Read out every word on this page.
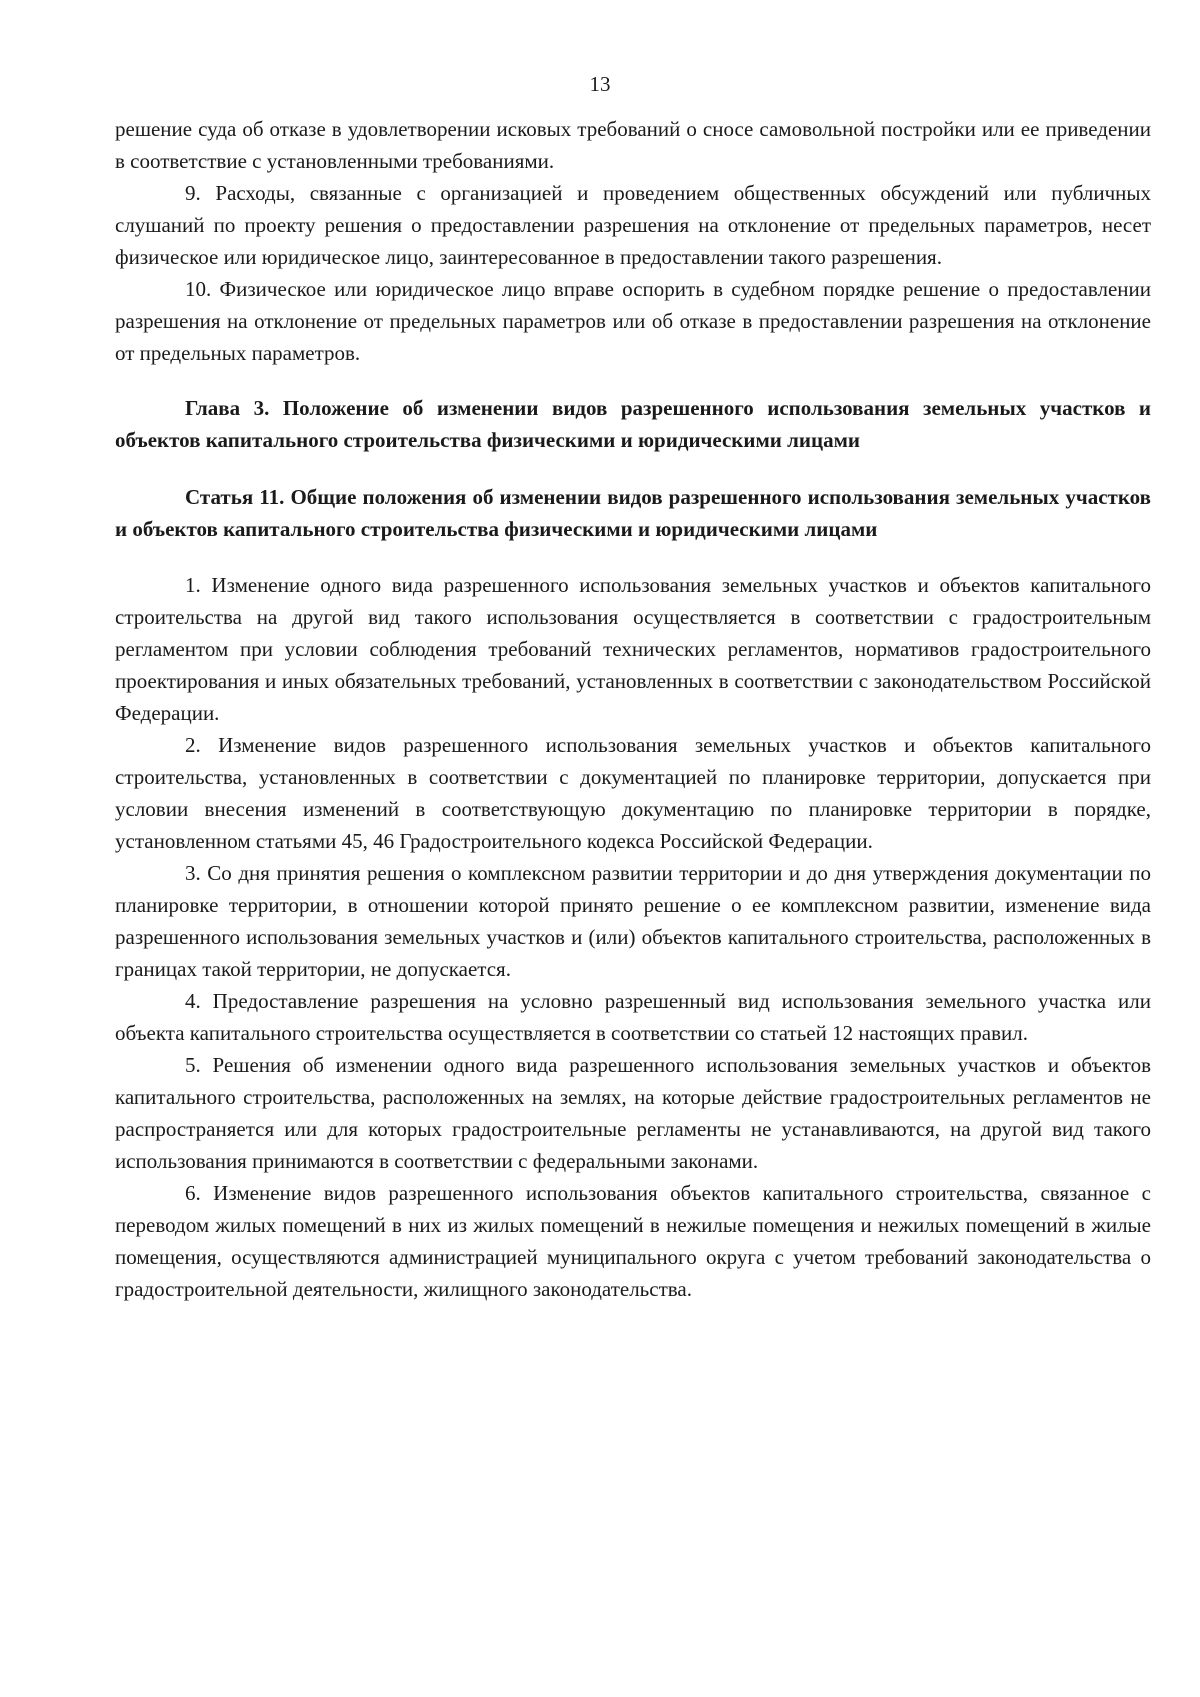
13

решение суда об отказе в удовлетворении исковых требований о сносе самовольной постройки или ее приведении в соответствие с установленными требованиями.

9. Расходы, связанные с организацией и проведением общественных обсуждений или публичных слушаний по проекту решения о предоставлении разрешения на отклонение от предельных параметров, несет физическое или юридическое лицо, заинтересованное в предоставлении такого разрешения.

10. Физическое или юридическое лицо вправе оспорить в судебном порядке решение о предоставлении разрешения на отклонение от предельных параметров или об отказе в предоставлении разрешения на отклонение от предельных параметров.

Глава 3. Положение об изменении видов разрешенного использования земельных участков и объектов капитального строительства физическими и юридическими лицами

Статья 11. Общие положения об изменении видов разрешенного использования земельных участков и объектов капитального строительства физическими и юридическими лицами

1. Изменение одного вида разрешенного использования земельных участков и объектов капитального строительства на другой вид такого использования осуществляется в соответствии с градостроительным регламентом при условии соблюдения требований технических регламентов, нормативов градостроительного проектирования и иных обязательных требований, установленных в соответствии с законодательством Российской Федерации.

2. Изменение видов разрешенного использования земельных участков и объектов капитального строительства, установленных в соответствии с документацией по планировке территории, допускается при условии внесения изменений в соответствующую документацию по планировке территории в порядке, установленном статьями 45, 46 Градостроительного кодекса Российской Федерации.

3. Со дня принятия решения о комплексном развитии территории и до дня утверждения документации по планировке территории, в отношении которой принято решение о ее комплексном развитии, изменение вида разрешенного использования земельных участков и (или) объектов капитального строительства, расположенных в границах такой территории, не допускается.

4. Предоставление разрешения на условно разрешенный вид использования земельного участка или объекта капитального строительства осуществляется в соответствии со статьей 12 настоящих правил.

5. Решения об изменении одного вида разрешенного использования земельных участков и объектов капитального строительства, расположенных на землях, на которые действие градостроительных регламентов не распространяется или для которых градостроительные регламенты не устанавливаются, на другой вид такого использования принимаются в соответствии с федеральными законами.

6. Изменение видов разрешенного использования объектов капитального строительства, связанное с переводом жилых помещений в них из жилых помещений в нежилые помещения и нежилых помещений в жилые помещения, осуществляются администрацией муниципального округа с учетом требований законодательства о градостроительной деятельности, жилищного законодательства.
